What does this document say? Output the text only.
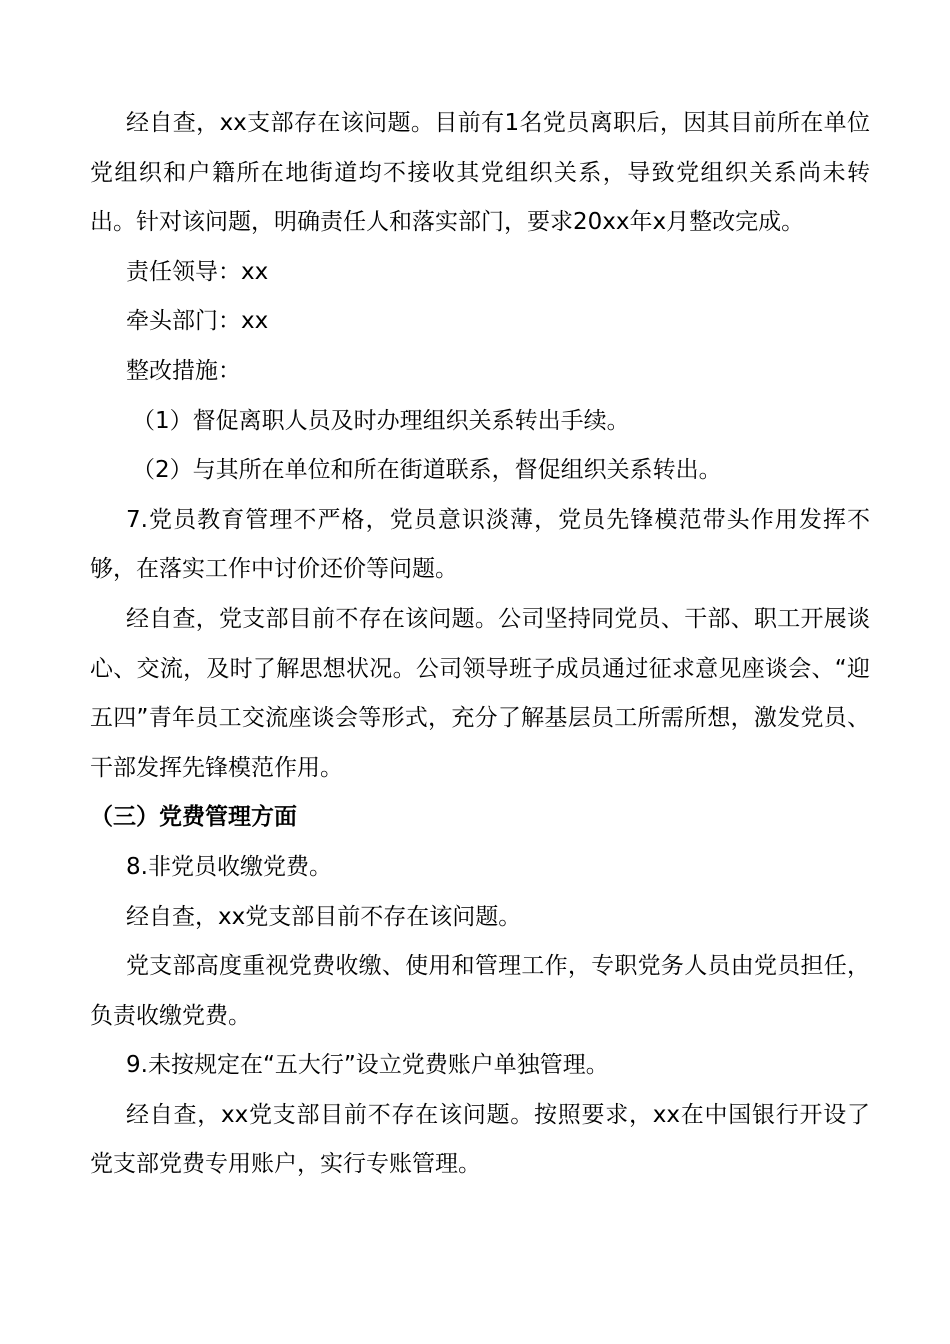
经自查，xx支部存在该问题。目前有1名党员离职后，因其目前所在单位党组织和户籍所在地街道均不接收其党组织关系，导致党组织关系尚未转出。针对该问题，明确责任人和落实部门，要求20xx年x月整改完成。

责任领导：xx

牵头部门：xx

整改措施：

（1）督促离职人员及时办理组织关系转出手续。

（2）与其所在单位和所在街道联系，督促组织关系转出。

7.党员教育管理不严格，党员意识淡薄，党员先锋模范带头作用发挥不够，在落实工作中讨价还价等问题。

经自查，党支部目前不存在该问题。公司坚持同党员、干部、职工开展谈心、交流，及时了解思想状况。公司领导班子成员通过征求意见座谈会、“迎五四”青年员工交流座谈会等形式，充分了解基层员工所需所想，激发党员、干部发挥先锋模范作用。

（三）党费管理方面

8.非党员收缴党费。

经自查，xx党支部目前不存在该问题。

党支部高度重视党费收缴、使用和管理工作，专职党务人员由党员担任，负责收缴党费。

9.未按规定在“五大行”设立党费账户单独管理。

经自查，xx党支部目前不存在该问题。按照要求，xx在中国银行开设了党支部党费专用账户，实行专账管理。
